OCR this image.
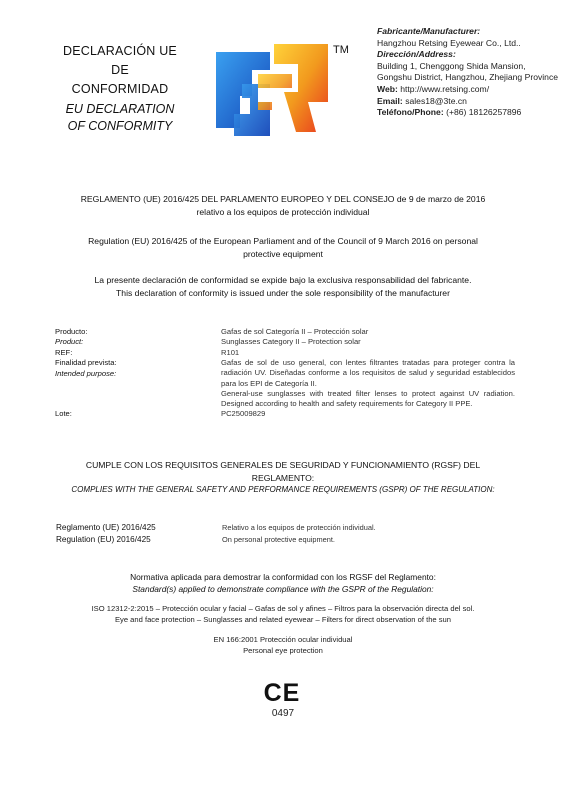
DECLARACIÓN UE
DE
CONFORMIDAD
EU DECLARATION
OF CONFORMITY
TM
Fabricante/Manufacturer:
Hangzhou Retsing Eyewear Co., Ltd..
Dirección/Address:
Building 1, Chenggong Shida Mansion, Gongshu District, Hangzhou, Zhejiang Province
Web: http://www.retsing.com/
Email: sales18@3te.cn
Teléfono/Phone: (+86) 18126257896
REGLAMENTO (UE) 2016/425 DEL PARLAMENTO EUROPEO Y DEL CONSEJO de 9 de marzo de 2016
relativo a los equipos de protección individual
Regulation (EU) 2016/425 of the European Parliament and of the Council of 9 March 2016 on personal
protective equipment
La presente declaración de conformidad se expide bajo la exclusiva responsabilidad del fabricante.
This declaration of conformity is issued under the sole responsibility of the manufacturer
Producto:	Gafas de sol Categoría II – Protección solar
Product:	Sunglasses Category II – Protection solar
REF:	R101
Finalidad prevista:
Intended purpose:
Gafas de sol de uso general, con lentes filtrantes tratadas para proteger contra la radiación UV. Diseñadas conforme a los requisitos de salud y seguridad establecidos para los EPI de Categoría II.
General-use sunglasses with treated filter lenses to protect against UV radiation. Designed according to health and safety requirements for Category II PPE.
Lote:	PC25009829
CUMPLE CON LOS REQUISITOS GENERALES DE SEGURIDAD Y FUNCIONAMIENTO (RGSF) DEL
REGLAMENTO:
COMPLIES WITH THE GENERAL SAFETY AND PERFORMANCE REQUIREMENTS (GSPR) OF THE REGULATION:
Reglamento (UE) 2016/425	Relativo a los equipos de protección individual.
Regulation (EU) 2016/425	On personal protective equipment.
Normativa aplicada para demostrar la conformidad con los RGSF del Reglamento:
Standard(s) applied to demonstrate compliance with the GSPR of the Regulation:
ISO 12312-2:2015 – Protección ocular y facial – Gafas de sol y afines – Filtros para la observación directa del sol.
Eye and face protection – Sunglasses and related eyewear – Filters for direct observation of the sun
EN 166:2001 Protección ocular individual
Personal eye protection
CE
0497
